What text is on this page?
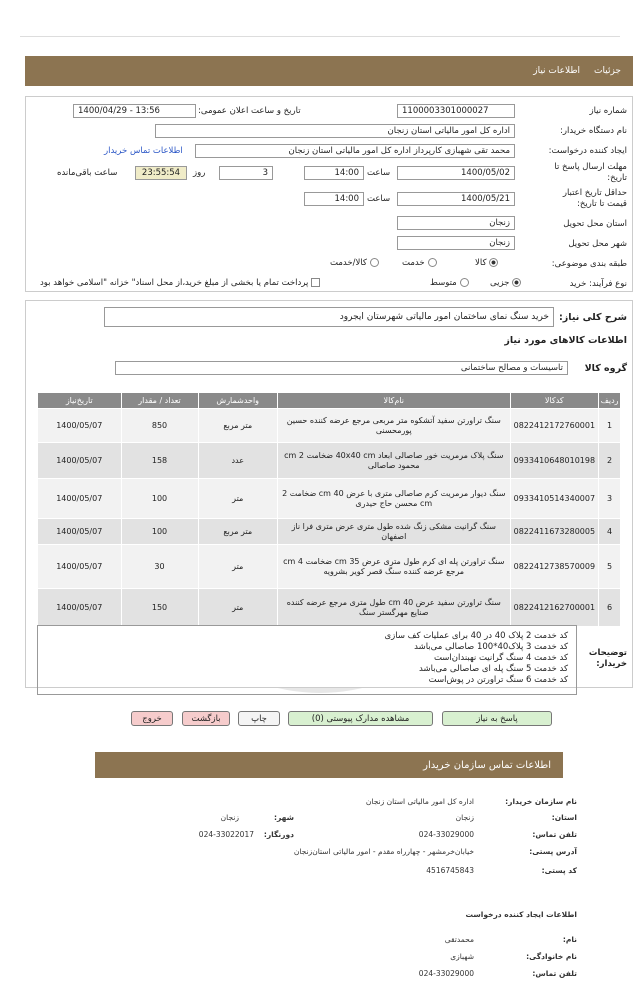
جزئیات
اطلاعات نیاز
شماره نیاز
1100003301000027
تاریخ و ساعت اعلان عمومی:
1400/04/29 - 13:56
نام دستگاه خریدار:
اداره کل امور مالیاتی استان زنجان
ایجاد کننده درخواست:
محمد تقی شهبازی کارپرداز اداره کل امور مالیاتی استان زنجان
اطلاعات تماس خریدار
مهلت ارسال پاسخ تا تاریخ:
1400/05/02
ساعت
14:00
3
روز
23:55:54
ساعت باقی‌مانده
حداقل تاریخ اعتبار قیمت تا تاریخ:
1400/05/21
ساعت
14:00
استان محل تحویل
زنجان
شهر محل تحویل
زنجان
طبقه بندی موضوعی:
کالا
خدمت
کالا/خدمت
نوع فرآیند: خرید
جزیی
متوسط
پرداخت تمام یا بخشی از مبلغ خرید،از محل اسناد" خزانه "اسلامی خواهد بود
شرح کلی نیاز:
خرید سنگ نمای ساختمان امور مالیاتی شهرستان ایجرود
اطلاعات کالاهای مورد نیاز
گروه کالا
تاسیسات و مصالح ساختمانی
ردیف	کدکالا	نام‌کالا	واحدشمارش	تعداد / مقدار	تاریخ‌نیاز
1	0822412172760001	سنگ تراورتن سفید آتشکوه متر مربعی مرجع عرضه کننده حسین پورمحسنی	متر مربع	850	1400/05/07
2	0933410648010198	سنگ پلاک مرمریت خور صاصالی ابعاد 40x40 cm ضخامت 2 cm محمود صاصالی	عدد	158	1400/05/07
3	0933410514340007	سنگ دیوار مرمریت کرم صاصالی متری با عرض 40 cm ضخامت 2 cm محسن حاج حیدری	متر	100	1400/05/07
4	0822411673280005	سنگ گرانیت مشکی زنگ شده طول متری عرض متری فرا ناز اصفهان	متر مربع	100	1400/05/07
5	0822412738570009	سنگ تراورتن پله ای کرم طول متری عرض 35 cm ضخامت 4 cm مرجع عرضه کننده سنگ قصر کویر بشرویه	متر	30	1400/05/07
6	0822412162700001	سنگ تراورتن سفید عرض 40 cm طول متری مرجع عرضه کننده صنایع مهرگستر سنگ	متر	150	1400/05/07
توضیحات خریدار:
کد خدمت 2 پلاک 40 در 40 برای عملیات کف سازی
کد خدمت 3 پلاک40*100 صاصالی می‌باشد
کد خدمت 4 سنگ گرانیت نهبندان‌است
کد خدمت 5 سنگ پله ای صاصالی می‌باشد
کد خدمت 6 سنگ تراورتن در پوش‌است
پاسخ به نیاز
مشاهده مدارک پیوستی (0)
چاپ
بازگشت
خروج
اطلاعات تماس سازمان خریدار
نام سازمان خریدار:
اداره کل امور مالیاتی استان زنجان
استان:
زنجان
شهر:
زنجان
تلفن تماس:
024-33029000
دورنگار:
024-33022017
آدرس پستی:
خیابان‌خرمشهر - چهارراه مقدم - امور مالیاتی استان‌زنجان
کد پستی:
4516745843
اطلاعات ایجاد کننده درخواست
نام:
محمدتقی
نام خانوادگی:
شهبازی
تلفن تماس:
024-33029000
